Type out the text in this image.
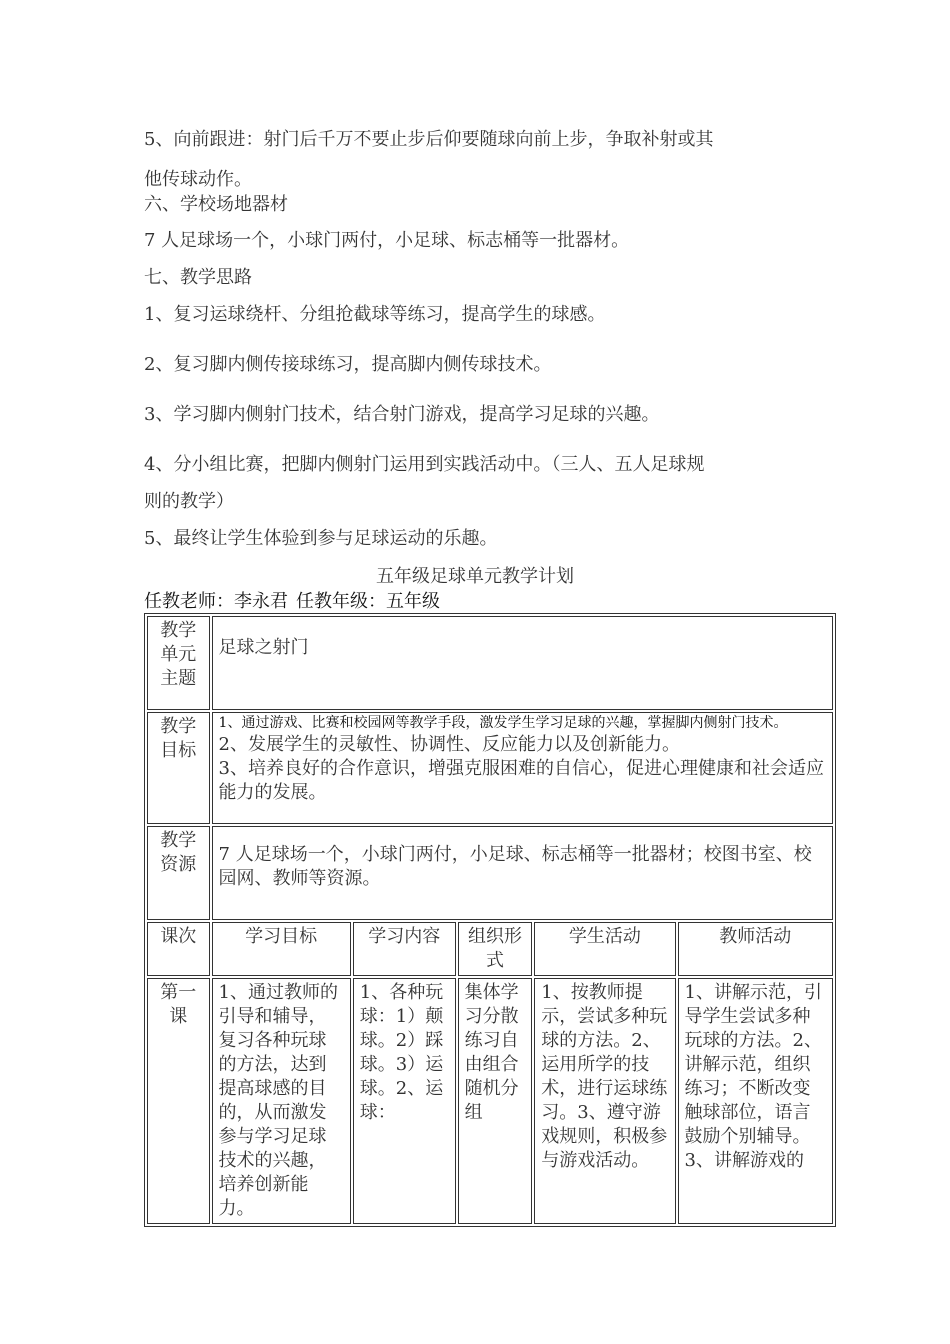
5、向前跟进：射门后千万不要止步后仰要随球向前上步，争取补射或其
他传球动作。
六、学校场地器材
7 人足球场一个，小球门两付，小足球、标志桶等一批器材。
七、教学思路
1、复习运球绕杆、分组抢截球等练习，提高学生的球感。
2、复习脚内侧传接球练习，提高脚内侧传球技术。
3、学习脚内侧射门技术，结合射门游戏，提高学习足球的兴趣。
4、分小组比赛，把脚内侧射门运用到实践活动中。（三人、五人足球规
则的教学）
5、最终让学生体验到参与足球运动的乐趣。
五年级足球单元教学计划
任教老师：李永君 任教年级：五年级
教学单元主题	足球之射门				
教学目标	1、通过游戏、比赛和校园网等教学手段，激发学生学习足球的兴趣，掌握脚内侧射门技术。
2、发展学生的灵敏性、协调性、反应能力以及创新能力。
3、培养良好的合作意识，增强克服困难的自信心，促进心理健康和社会适应能力的发展。				

教学资源	7 人足球场一个，小球门两付，小足球、标志桶等一批器材；校图书室、校园网、教师等资源。				
课次	学习目标	学习内容	组织形式	学生活动	教师活动
第一课	1、通过教师的引导和辅导，复习各种玩球的方法，达到提高球感的目的，从而激发参与学习足球技术的兴趣，培养创新能力。	1、各种玩球：1）颠球。2）踩球。3）运球。2、运球：	集体学习分散练习自由组合随机分组	1、按教师提示，尝试多种玩球的方法。2、运用所学的技术，进行运球练习。3、遵守游戏规则，积极参与游戏活动。	1、讲解示范，引导学生尝试多种玩球的方法。2、讲解示范，组织练习；不断改变触球部位，语言鼓励个别辅导。3、讲解游戏的
